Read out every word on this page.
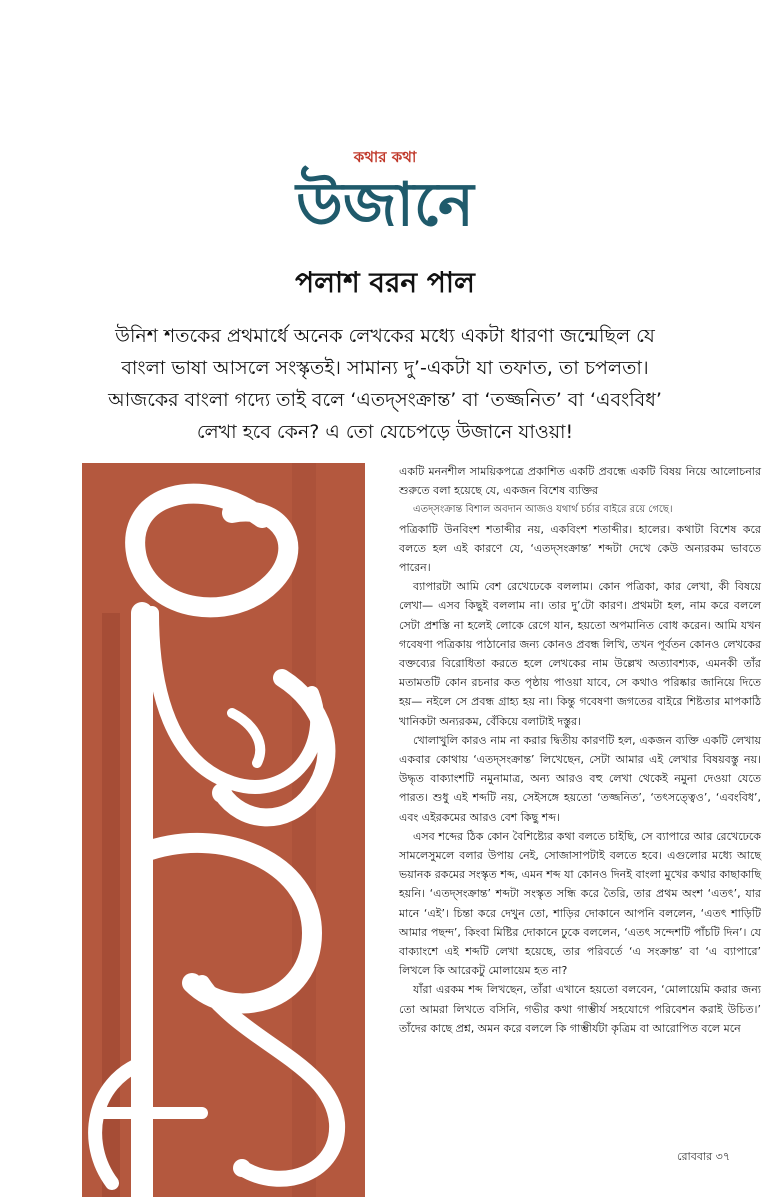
কথার কথা
উজানে
পলাশ বরন পাল

উনিশ শতকের প্রথমার্ধে অনেক লেখকের মধ্যে একটা ধারণা জন্মেছিল যে

বাংলা ভাষা আসলে সংস্কৃতই। সামান্য দু’-একটা যা তফাত, তা চপলতা।

আজকের বাংলা গদ্যে তাই বলে ‘এতদ্‌সংক্রান্ত’ বা ‘তজ্জনিত’ বা ‘এবংবিধ’

লেখা হবে কেন? এ তো যেচেপড়ে উজানে যাওয়া!

একটি মননশীল সাময়িকপত্রে প্রকাশিত একটি প্রবন্ধে একটি বিষয় নিয়ে আলোচনার শুরুতে বলা হয়েছে যে, একজন বিশেষ ব্যক্তির

এতদ্‌সংক্রান্ত বিশাল অবদান আজও যথার্থ চর্চার বাইরে রয়ে গেছে।

পত্রিকাটি উনবিংশ শতাব্দীর নয়, একবিংশ শতাব্দীর। হালের। কথাটা বিশেষ করে বলতে হল এই কারণে যে, ‘এতদ্‌সংক্রান্ত’ শব্দটা দেখে কেউ অন্যরকম ভাবতে পারেন।

ব্যাপারটা আমি বেশ রেখেঢেকে বললাম। কোন পত্রিকা, কার লেখা, কী বিষয়ে লেখা— এসব কিছুই বললাম না। তার দু’টো কারণ। প্রথমটা হল, নাম করে বললে সেটা প্রশস্তি না হলেই লোকে রেগে যান, হয়তো অপমানিত বোধ করেন। আমি যখন গবেষণা পত্রিকায় পাঠানোর জন্য কোনও প্রবন্ধ লিখি, তখন পূর্বতন কোনও লেখকের বক্তব্যের বিরোধিতা করতে হলে লেখকের নাম উল্লেখ অত্যাবশ্যক, এমনকী তাঁর মতামতটি কোন রচনার কত পৃষ্ঠায় পাওয়া যাবে, সে কথাও পরিষ্কার জানিয়ে দিতে হয়— নইলে সে প্রবন্ধ গ্রাহ্য হয় না। কিন্তু গবেষণা জগতের বাইরে শিষ্টতার মাপকাঠি খানিকটা অন্যরকম, বেঁকিয়ে বলাটাই দস্তুর।

খোলাখুলি কারও নাম না করার দ্বিতীয় কারণটি হল, একজন ব্যক্তি একটি লেখায় একবার কোথায় ‘এতদ্‌সংক্রান্ত’ লিখেছেন, সেটা আমার এই লেখার বিষয়বস্তু নয়। উদ্ধৃত বাক্যাংশটি নমুনামাত্র, অন্য আরও বহু লেখা থেকেই নমুনা দেওয়া যেতে পারত। শুধু এই শব্দটি নয়, সেইসঙ্গে হয়তো ‘তজ্জনিত’, ‘তৎসত্ত্বেও’, ‘এবংবিধ’, এবং এইরকমের আরও বেশ কিছু শব্দ।

এসব শব্দের ঠিক কোন বৈশিষ্ট্যের কথা বলতে চাইছি, সে ব্যাপারে আর রেখেঢেকে সামলেসুমলে বলার উপায় নেই, সোজাসাপটাই বলতে হবে। এগুলোর মধ্যে আছে ভয়ানক রকমের সংস্কৃত শব্দ, এমন শব্দ যা কোনও দিনই বাংলা মুখের কথার কাছাকাছি হয়নি। ‘এতদ্‌সংক্রান্ত’ শব্দটা সংস্কৃত সন্ধি করে তৈরি, তার প্রথম অংশ ‘এতৎ’, যার মানে ‘এই’। চিন্তা করে দেখুন তো, শাড়ির দোকানে আপনি বললেন, ‘এতৎ শাড়িটি আমার পছন্দ’, কিংবা মিষ্টির দোকানে ঢুকে বললেন, ‘এতৎ সন্দেশটি পাঁচটি দিন’। যে বাক্যাংশে এই শব্দটি লেখা হয়েছে, তার পরিবর্তে ‘এ সংক্রান্ত’ বা ‘এ ব্যাপারে’ লিখলে কি আরেকটু মোলায়েম হত না?

যাঁরা এরকম শব্দ লিখছেন, তাঁরা এখানে হয়তো বলবেন, ‘মোলায়েমি করার জন্য তো আমরা লিখতে বসিনি, গভীর কথা গাম্ভীর্য সহযোগে পরিবেশন করাই উচিত।’ তাঁদের কাছে প্রশ্ন, অমন করে বললে কি গাম্ভীর্যটা কৃত্রিম বা আরোপিত বলে মনে

রোববার ৩৭
